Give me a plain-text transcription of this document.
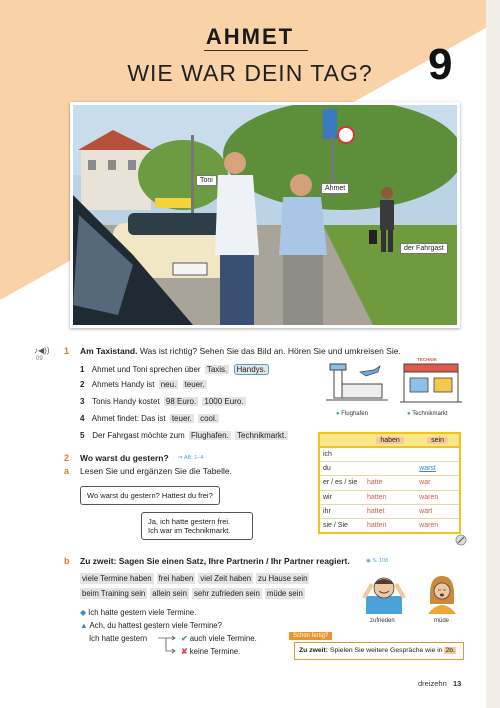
AHMET
WIE WAR DEIN TAG?	9
Toni
Ahmet
der Fahrgast
♪◀))
09
1 Am Taxistand. Was ist richtig? Sehen Sie das Bild an. Hören Sie und umkreisen Sie.
1 Ahmet und Toni sprechen über Taxis. Handys.
2 Ahmets Handy ist neu. teuer.
3 Tonis Handy kostet 98 Euro. 1000 Euro.
4 Ahmet findet: Das ist teuer. cool.
5 Der Fahrgast möchte zum Flughafen. Technikmarkt.
● Flughafen
TECHNIK
● Technikmarkt
2 Wo warst du gestern? ⇒ AB: 1–4
a Lesen Sie und ergänzen Sie die Tabelle.
Wo warst du gestern? Hattest du frei?
Ja, ich hatte gestern frei.
Ich war im Technikmarkt.
	haben	sein
ich		
du		warst
er / es / sie	hatte	war
wir	hatten	waren
ihr	hattet	wart
sie / Sie	hatten	waren
b Zu zweit: Sagen Sie einen Satz, Ihre Partnerin / Ihr Partner reagiert.	◉ S. 108
viele Termine haben frei haben viel Zeit haben zu Hause sein
beim Training sein allein sein sehr zufrieden sein müde sein
◆ Ich hatte gestern viele Termine.
▲ Ach, du hattest gestern viele Termine?
Ich hatte gestern	✔ auch viele Termine.
✘ keine Termine.
zufrieden	müde
Schon fertig?
Zu zweit: Spielen Sie weitere Gespräche wie in 2b.
dreizehn 13
